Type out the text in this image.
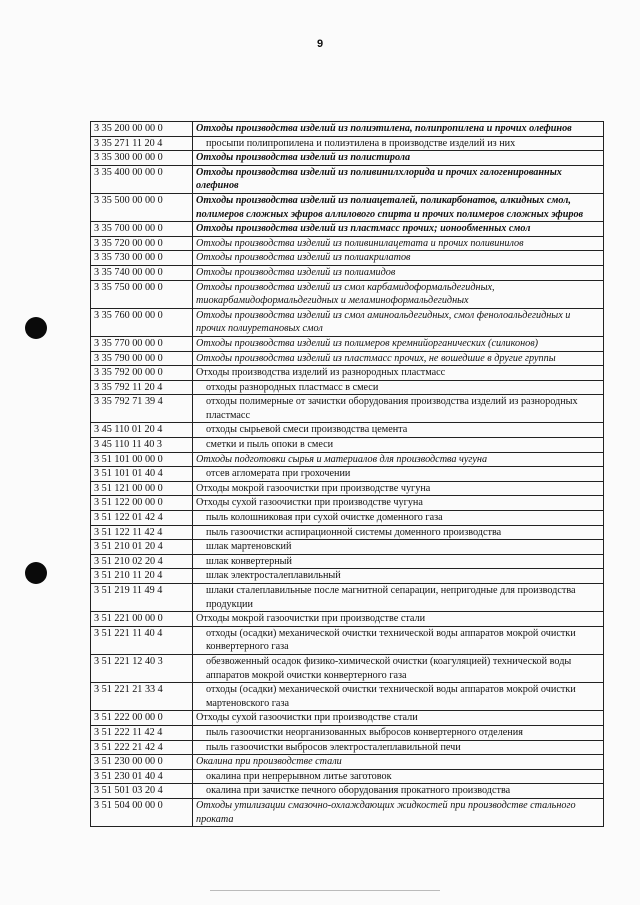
9
3 35 200 00 00 0	Отходы производства изделий из полиэтилена, полипропилена и прочих олефинов
3 35 271 11 20 4	просыпи полипропилена и полиэтилена в производстве изделий из них
3 35 300 00 00 0	Отходы производства изделий из полистирола
3 35 400 00 00 0	Отходы производства изделий из поливинилхлорида и прочих галогенированных олефинов
3 35 500 00 00 0	Отходы производства изделий из полиацеталей, поликарбонатов, алкидных смол, полимеров сложных эфиров аллилового спирта и прочих полимеров сложных эфиров
3 35 700 00 00 0	Отходы производства изделий из пластмасс прочих; ионообменных смол
3 35 720 00 00 0	Отходы производства изделий из поливинилацетата и прочих поливинилов
3 35 730 00 00 0	Отходы производства изделий из полиакрилатов
3 35 740 00 00 0	Отходы производства изделий из полиамидов
3 35 750 00 00 0	Отходы производства изделий из смол карбамидоформальдегидных, тиокарбамидоформальдегидных и меламиноформальдегидных
3 35 760 00 00 0	Отходы производства изделий из смол аминоальдегидных, смол фенолоальдегидных и прочих полиуретановых смол
3 35 770 00 00 0	Отходы производства изделий из полимеров кремнийорганических (силиконов)
3 35 790 00 00 0	Отходы производства изделий из пластмасс прочих, не вошедшие в другие группы
3 35 792 00 00 0	Отходы производства изделий из разнородных пластмасс
3 35 792 11 20 4	отходы разнородных пластмасс в смеси
3 35 792 71 39 4	отходы полимерные от зачистки оборудования производства изделий из разнородных пластмасс
3 45 110 01 20 4	отходы сырьевой смеси производства цемента
3 45 110 11 40 3	сметки и пыль опоки в смеси
3 51 101 00 00 0	Отходы подготовки сырья и материалов для производства чугуна
3 51 101 01 40 4	отсев агломерата при грохочении
3 51 121 00 00 0	Отходы мокрой газоочистки при производстве чугуна
3 51 122 00 00 0	Отходы сухой газоочистки при производстве чугуна
3 51 122 01 42 4	пыль колошниковая при сухой очистке доменного газа
3 51 122 11 42 4	пыль газоочистки аспирационной системы доменного производства
3 51 210 01 20 4	шлак мартеновский
3 51 210 02 20 4	шлак конвертерный
3 51 210 11 20 4	шлак электросталеплавильный
3 51 219 11 49 4	шлаки сталеплавильные после магнитной сепарации, непригодные для производства продукции
3 51 221 00 00 0	Отходы мокрой газоочистки при производстве стали
3 51 221 11 40 4	отходы (осадки) механической очистки технической воды аппаратов мокрой очистки конвертерного газа
3 51 221 12 40 3	обезвоженный осадок физико-химической очистки (коагуляцией) технической воды аппаратов мокрой очистки конвертерного газа
3 51 221 21 33 4	отходы (осадки) механической очистки технической воды аппаратов мокрой очистки мартеновского газа
3 51 222 00 00 0	Отходы сухой газоочистки при производстве стали
3 51 222 11 42 4	пыль газоочистки неорганизованных выбросов конвертерного отделения
3 51 222 21 42 4	пыль газоочистки выбросов электросталеплавильной печи
3 51 230 00 00 0	Окалина при производстве стали
3 51 230 01 40 4	окалина при непрерывном литье заготовок
3 51 501 03 20 4	окалина при зачистке печного оборудования прокатного производства
3 51 504 00 00 0	Отходы утилизации смазочно-охлаждающих жидкостей при производстве стального проката
